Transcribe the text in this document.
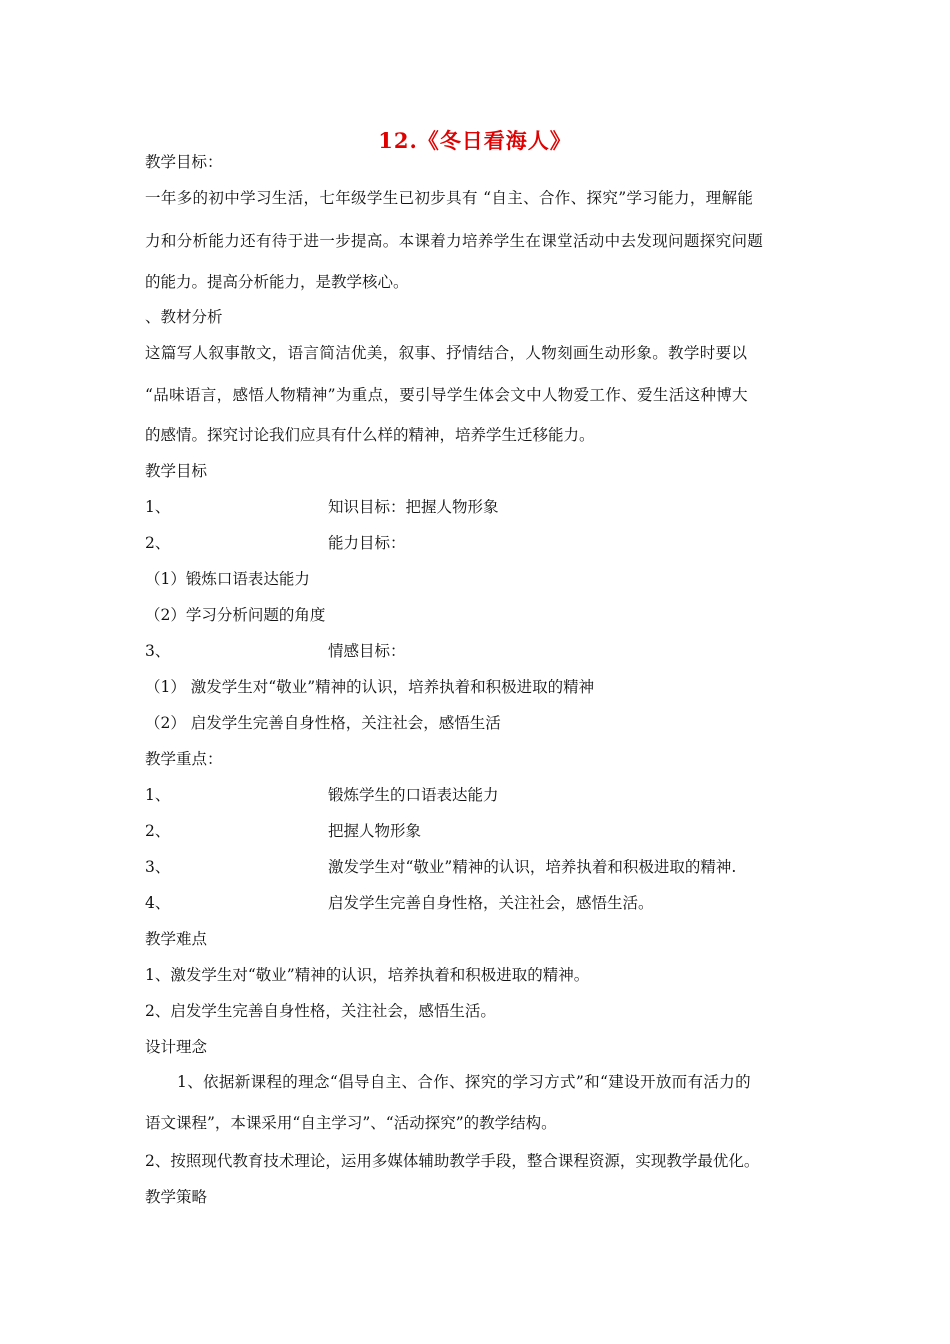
12.《冬日看海人》
教学目标：
一年多的初中学习生活，七年级学生已初步具有 “自主、合作、探究”学习能力，理解能
力和分析能力还有待于进一步提高。本课着力培养学生在课堂活动中去发现问题探究问题
的能力。提高分析能力，是教学核心。
、教材分析
这篇写人叙事散文，语言简洁优美，叙事、抒情结合，人物刻画生动形象。教学时要以
“品味语言，感悟人物精神”为重点，要引导学生体会文中人物爱工作、爱生活这种博大
的感情。探究讨论我们应具有什么样的精神，培养学生迁移能力。
教学目标
1、	知识目标：把握人物形象
2、	能力目标：
（1）锻炼口语表达能力
（2）学习分析问题的角度
3、	情感目标：
（1） 激发学生对“敬业”精神的认识，培养执着和积极进取的精神
（2） 启发学生完善自身性格，关注社会，感悟生活
教学重点：
1、	锻炼学生的口语表达能力
2、	把握人物形象
3、	激发学生对“敬业”精神的认识，培养执着和积极进取的精神.
4、	启发学生完善自身性格，关注社会，感悟生活。
教学难点
1、激发学生对“敬业”精神的认识，培养执着和积极进取的精神。
2、启发学生完善自身性格，关注社会，感悟生活。
设计理念
1、依据新课程的理念“倡导自主、合作、探究的学习方式”和“建设开放而有活力的
语文课程”，本课采用“自主学习”、“活动探究”的教学结构。
2、按照现代教育技术理论，运用多媒体辅助教学手段，整合课程资源，实现教学最优化。
教学策略
